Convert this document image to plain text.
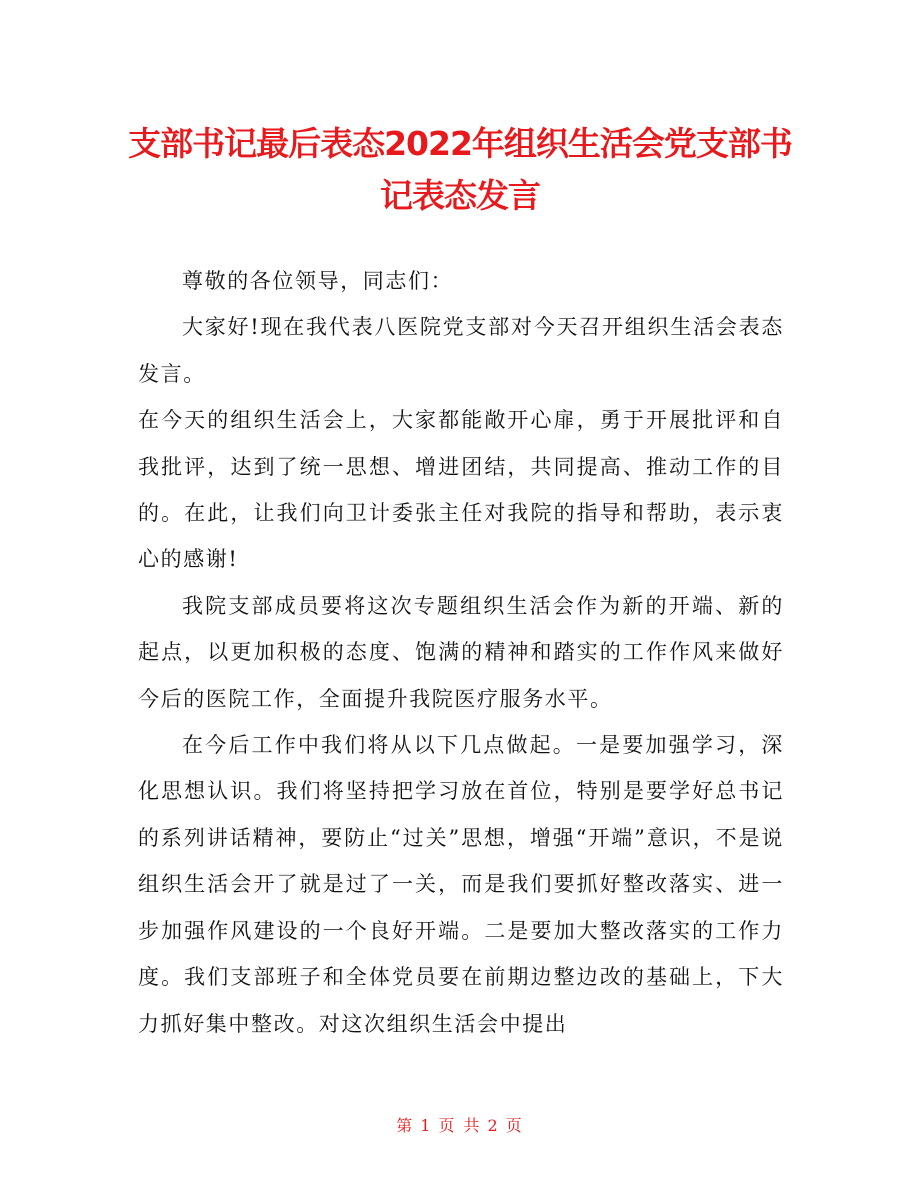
支部书记最后表态2022年组织生活会党支部书记表态发言

尊敬的各位领导，同志们：

大家好!现在我代表八医院党支部对今天召开组织生活会表态发言。

在今天的组织生活会上，大家都能敞开心扉，勇于开展批评和自我批评，达到了统一思想、增进团结，共同提高、推动工作的目的。在此，让我们向卫计委张主任对我院的指导和帮助，表示衷心的感谢!

我院支部成员要将这次专题组织生活会作为新的开端、新的起点，以更加积极的态度、饱满的精神和踏实的工作作风来做好今后的医院工作，全面提升我院医疗服务水平。

在今后工作中我们将从以下几点做起。一是要加强学习，深化思想认识。我们将坚持把学习放在首位，特别是要学好总书记的系列讲话精神，要防止“过关”思想，增强“开端”意识，不是说组织生活会开了就是过了一关，而是我们要抓好整改落实、进一步加强作风建设的一个良好开端。二是要加大整改落实的工作力度。我们支部班子和全体党员要在前期边整边改的基础上，下大力抓好集中整改。对这次组织生活会中提出

第 1 页 共 2 页
